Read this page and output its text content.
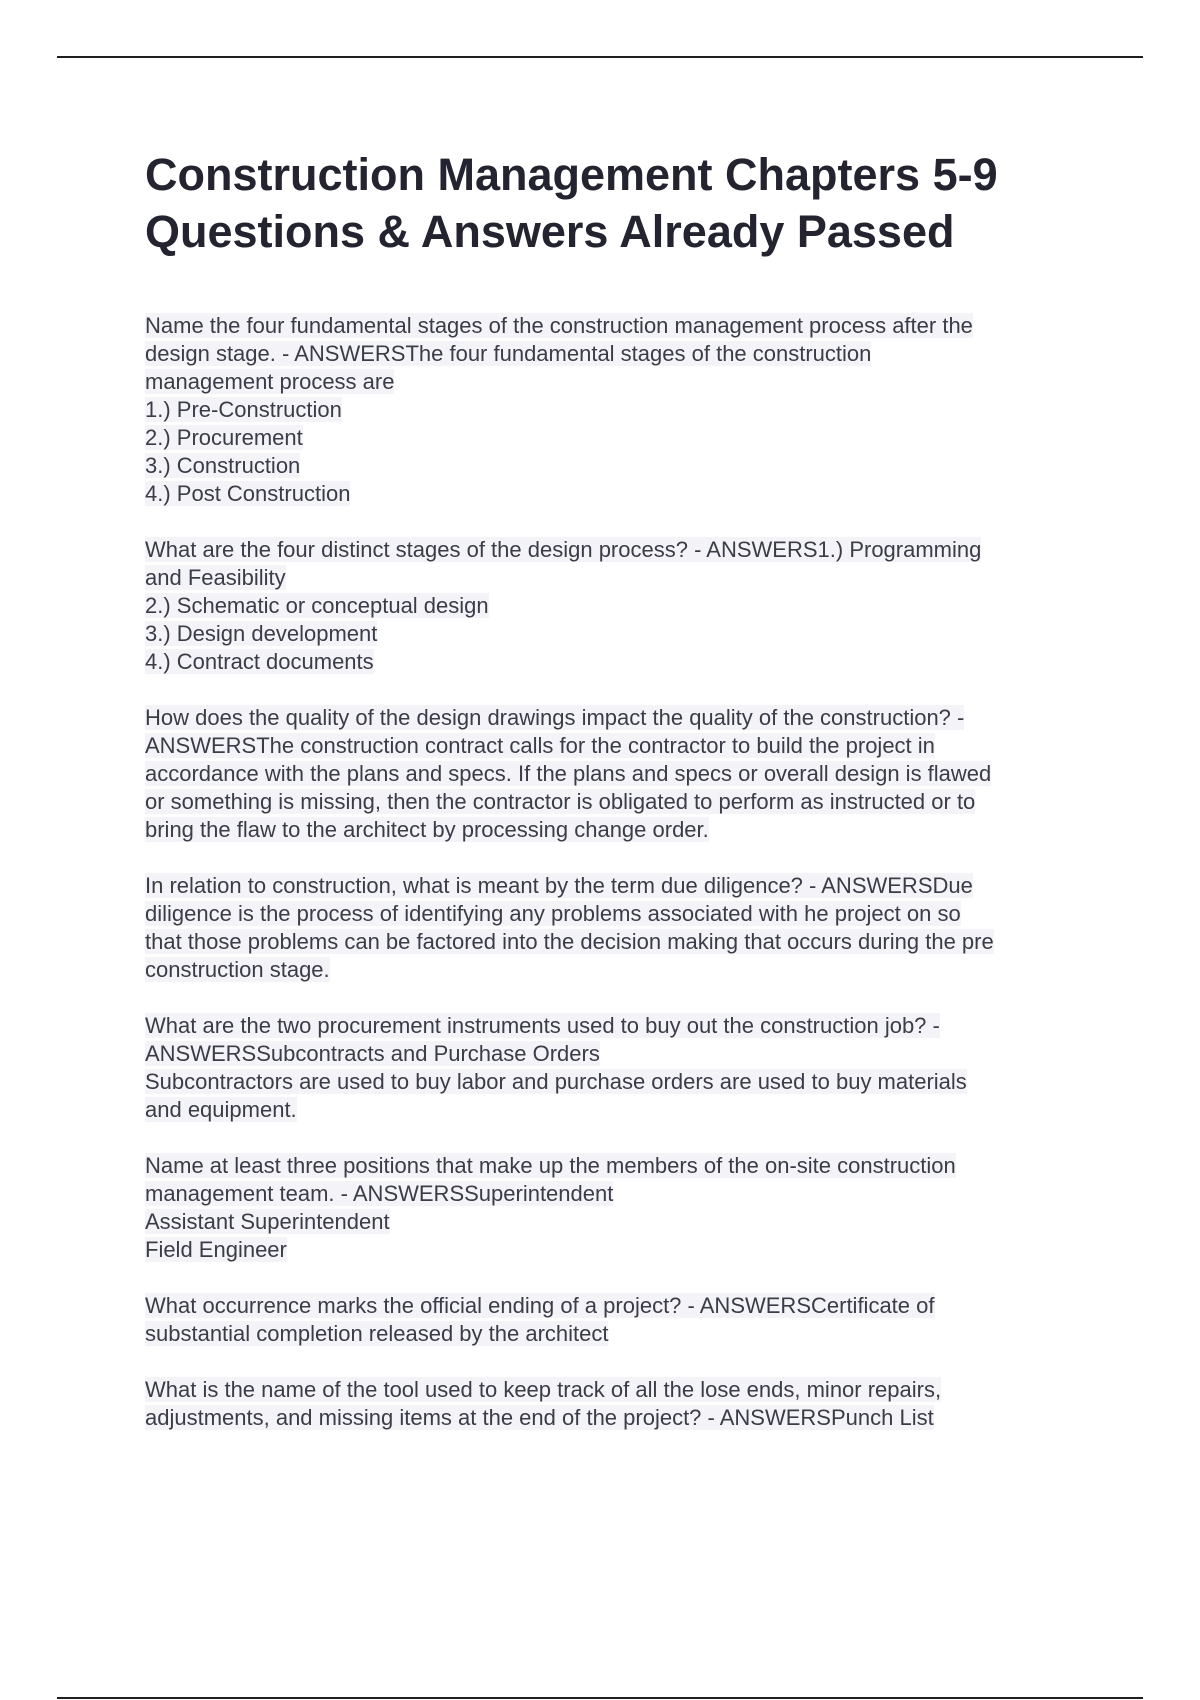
Construction Management Chapters 5-9
Questions & Answers Already Passed
Name the four fundamental stages of the construction management process after the
design stage. - ANSWERSThe four fundamental stages of the construction
management process are
1.) Pre-Construction
2.) Procurement
3.) Construction
4.) Post Construction
What are the four distinct stages of the design process? - ANSWERS1.) Programming
and Feasibility
2.) Schematic or conceptual design
3.) Design development
4.) Contract documents
How does the quality of the design drawings impact the quality of the construction? -
ANSWERSThe construction contract calls for the contractor to build the project in
accordance with the plans and specs. If the plans and specs or overall design is flawed
or something is missing, then the contractor is obligated to perform as instructed or to
bring the flaw to the architect by processing change order.
In relation to construction, what is meant by the term due diligence? - ANSWERSDue
diligence is the process of identifying any problems associated with he project on so
that those problems can be factored into the decision making that occurs during the pre
construction stage.
What are the two procurement instruments used to buy out the construction job? -
ANSWERSSubcontracts and Purchase Orders
Subcontractors are used to buy labor and purchase orders are used to buy materials
and equipment.
Name at least three positions that make up the members of the on-site construction
management team. - ANSWERSSuperintendent
Assistant Superintendent
Field Engineer
What occurrence marks the official ending of a project? - ANSWERSCertificate of
substantial completion released by the architect
What is the name of the tool used to keep track of all the lose ends, minor repairs,
adjustments, and missing items at the end of the project? - ANSWERSPunch List
